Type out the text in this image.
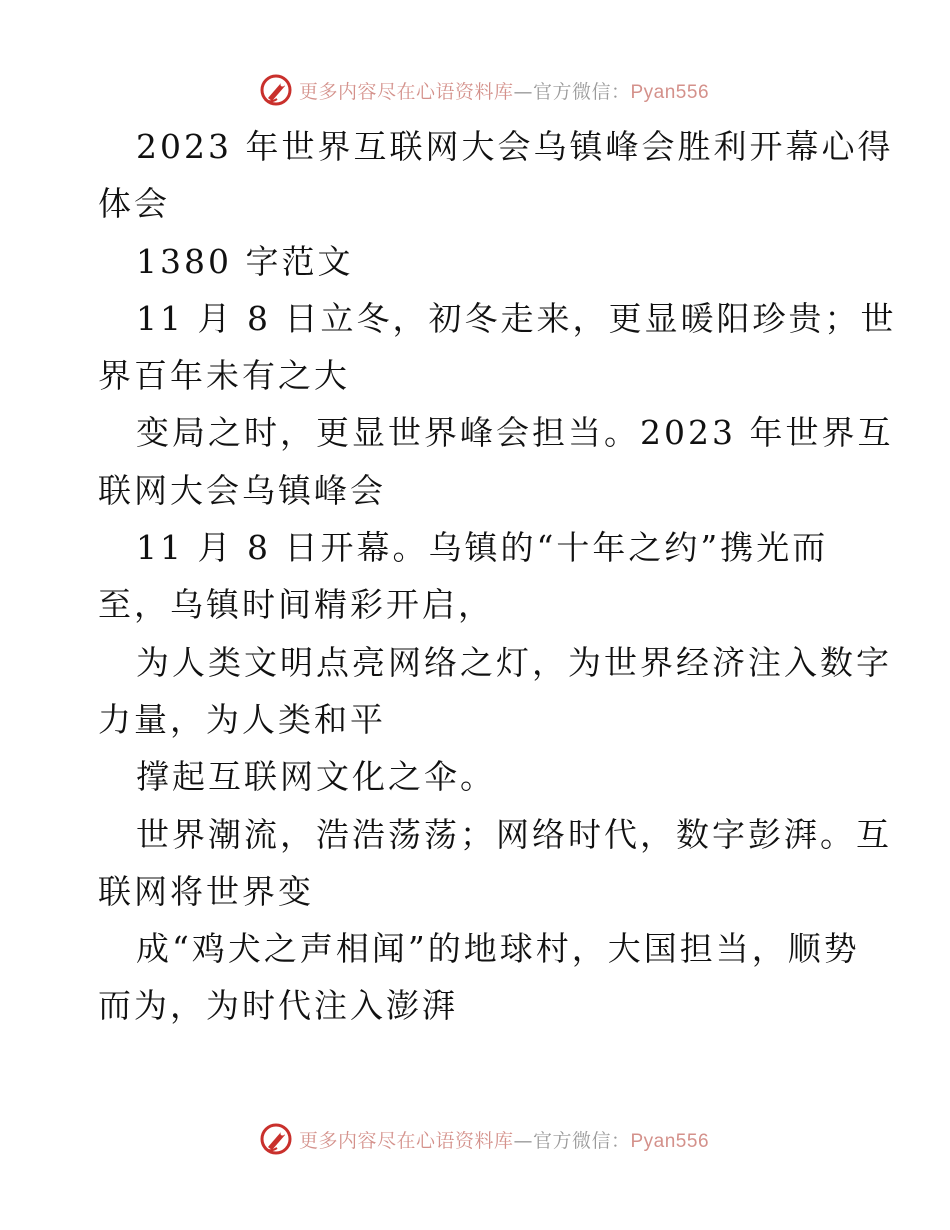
更多内容尽在心语资料库—官方微信：Pyan556
2023 年世界互联网大会乌镇峰会胜利开幕心得
体会
1380 字范文
11 月 8 日立冬，初冬走来，更显暖阳珍贵；世
界百年未有之大
变局之时，更显世界峰会担当。2023 年世界互
联网大会乌镇峰会
11 月 8 日开幕。乌镇的“十年之约”携光而
至，乌镇时间精彩开启，
为人类文明点亮网络之灯，为世界经济注入数字
力量，为人类和平
撑起互联网文化之伞。
世界潮流，浩浩荡荡；网络时代，数字彭湃。互
联网将世界变
成“鸡犬之声相闻”的地球村，大国担当，顺势
而为，为时代注入澎湃
更多内容尽在心语资料库—官方微信：Pyan556
